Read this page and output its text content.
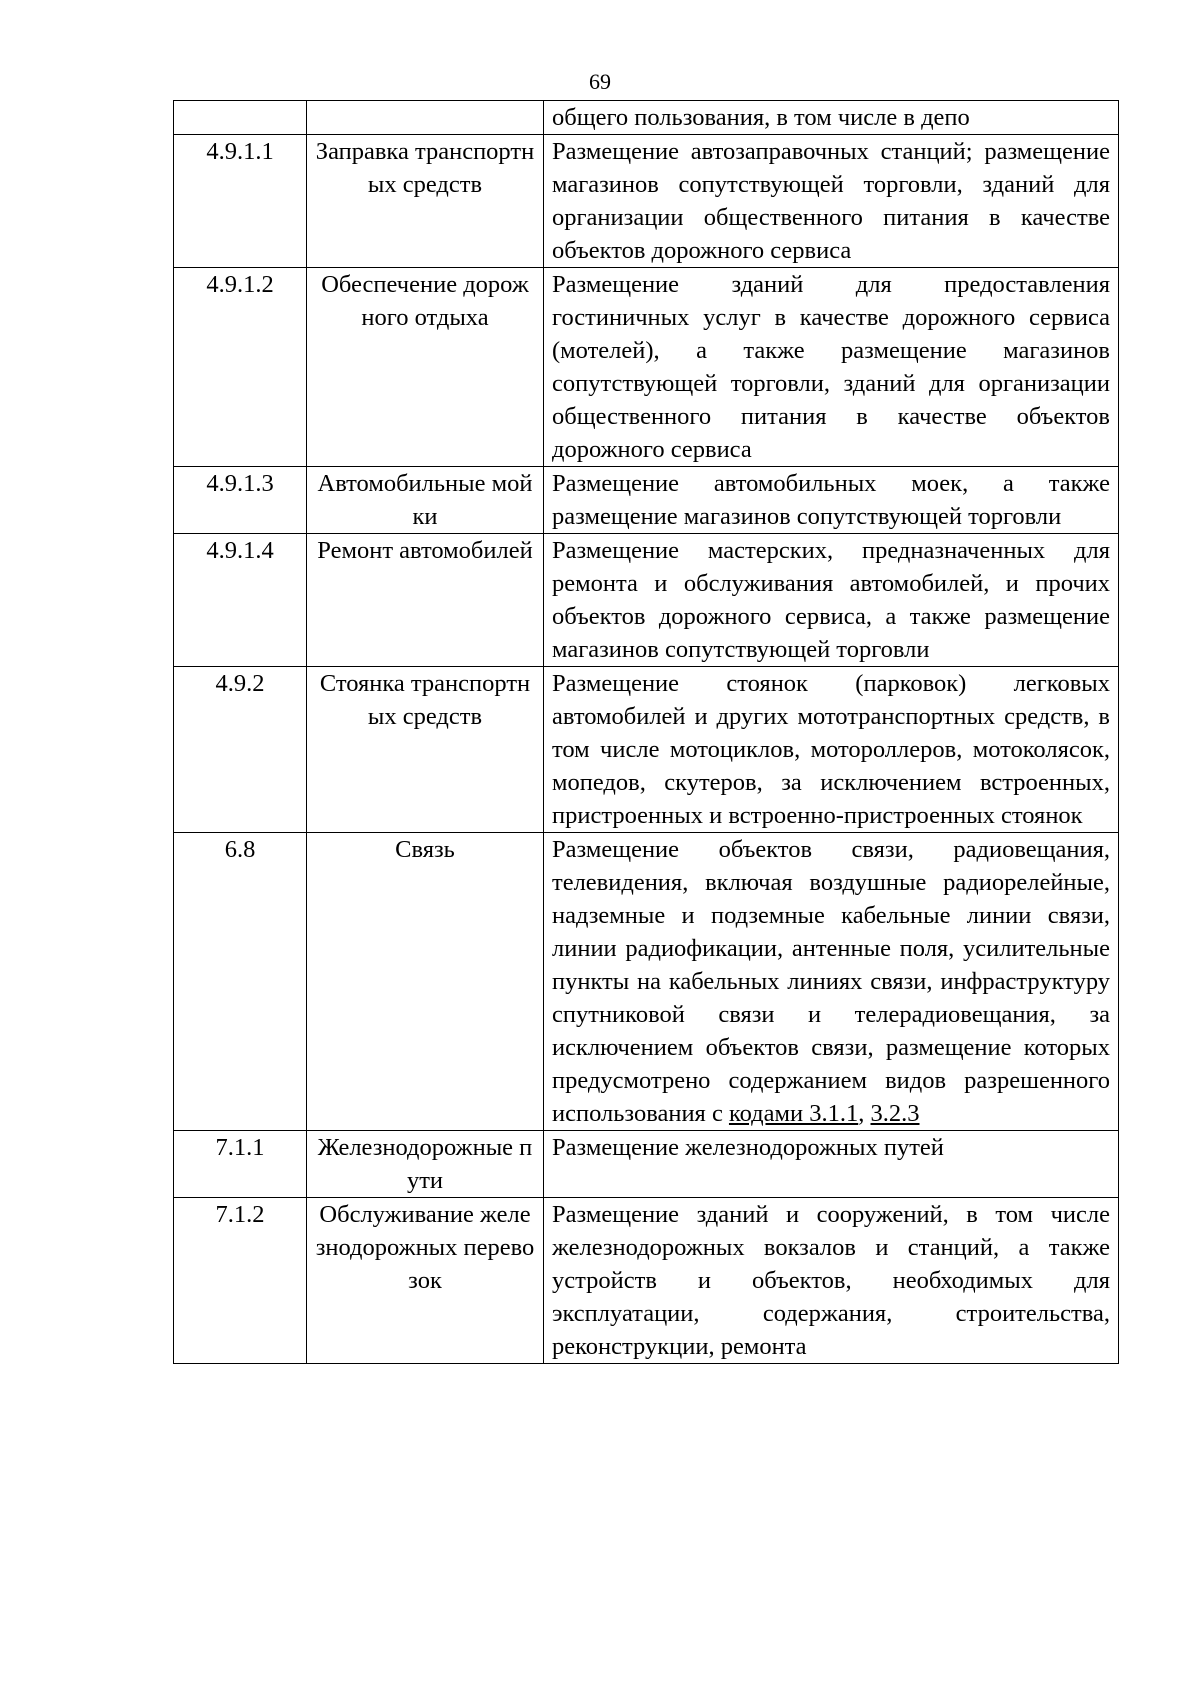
69
		общего пользования, в том числе в депо
4.9.1.1	Заправка транспортных средств	Размещение автозаправочных станций; размещение магазинов сопутствующей торговли, зданий для организации общественного питания в качестве объектов дорожного сервиса
4.9.1.2	Обеспечение дорожного отдыха	Размещение зданий для предоставления гостиничных услуг в качестве дорожного сервиса (мотелей), а также размещение магазинов сопутствующей торговли, зданий для организации общественного питания в качестве объектов дорожного сервиса
4.9.1.3	Автомобильные мойки	Размещение автомобильных моек, а также размещение магазинов сопутствующей торговли
4.9.1.4	Ремонт автомобилей	Размещение мастерских, предназначенных для ремонта и обслуживания автомобилей, и прочих объектов дорожного сервиса, а также размещение магазинов сопутствующей торговли
4.9.2	Стоянка транспортных средств	Размещение стоянок (парковок) легковых автомобилей и других мототранспортных средств, в том числе мотоциклов, мотороллеров, мотоколясок, мопедов, скутеров, за исключением встроенных, пристроенных и встроенно-пристроенных стоянок
6.8	Связь	Размещение объектов связи, радиовещания, телевидения, включая воздушные радиорелейные, надземные и подземные кабельные линии связи, линии радиофикации, антенные поля, усилительные пункты на кабельных линиях связи, инфраструктуру спутниковой связи и телерадиовещания, за исключением объектов связи, размещение которых предусмотрено содержанием видов разрешенного использования с кодами 3.1.1, 3.2.3
7.1.1	Железнодорожные пути	Размещение железнодорожных путей
7.1.2	Обслуживание железнодорожных перевозок	Размещение зданий и сооружений, в том числе железнодорожных вокзалов и станций, а также устройств и объектов, необходимых для эксплуатации, содержания, строительства, реконструкции, ремонта
